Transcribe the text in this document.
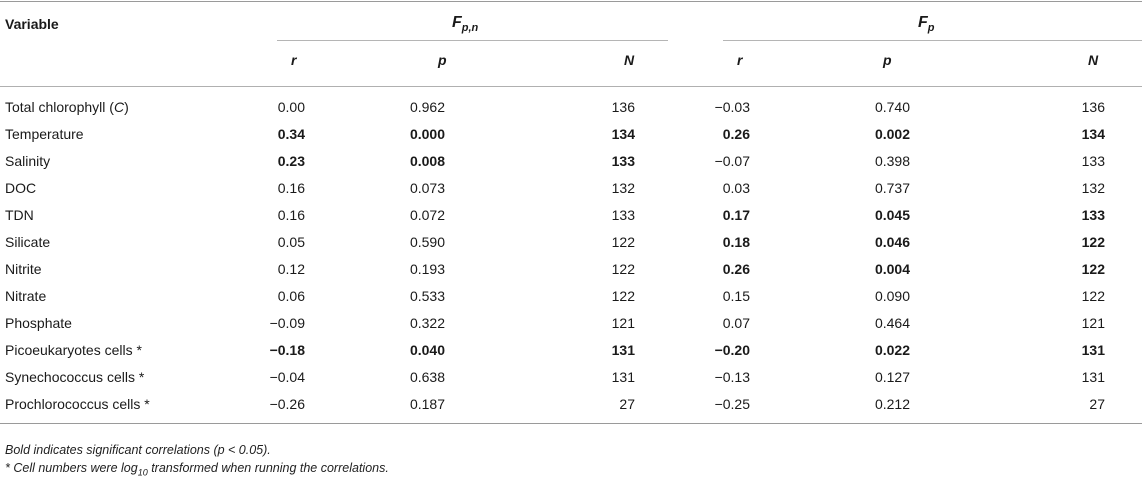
Variable	$F_{p,n}$	$F_p$
r	p	N	r	p	N
Total chlorophyll (C)	0.00	0.962	136	−0.03	0.740	136
Temperature	0.34	0.000	134	0.26	0.002	134
Salinity	0.23	0.008	133	−0.07	0.398	133
DOC	0.16	0.073	132	0.03	0.737	132
TDN	0.16	0.072	133	0.17	0.045	133
Silicate	0.05	0.590	122	0.18	0.046	122
Nitrite	0.12	0.193	122	0.26	0.004	122
Nitrate	0.06	0.533	122	0.15	0.090	122
Phosphate	−0.09	0.322	121	0.07	0.464	121
Picoeukaryotes cells *	−0.18	0.040	131	−0.20	0.022	131
Synechococcus cells *	−0.04	0.638	131	−0.13	0.127	131
Prochlorococcus cells *	−0.26	0.187	27	−0.25	0.212	27
Bold indicates significant correlations (p < 0.05).
* Cell numbers were $\log_{10}$ transformed when running the correlations.
